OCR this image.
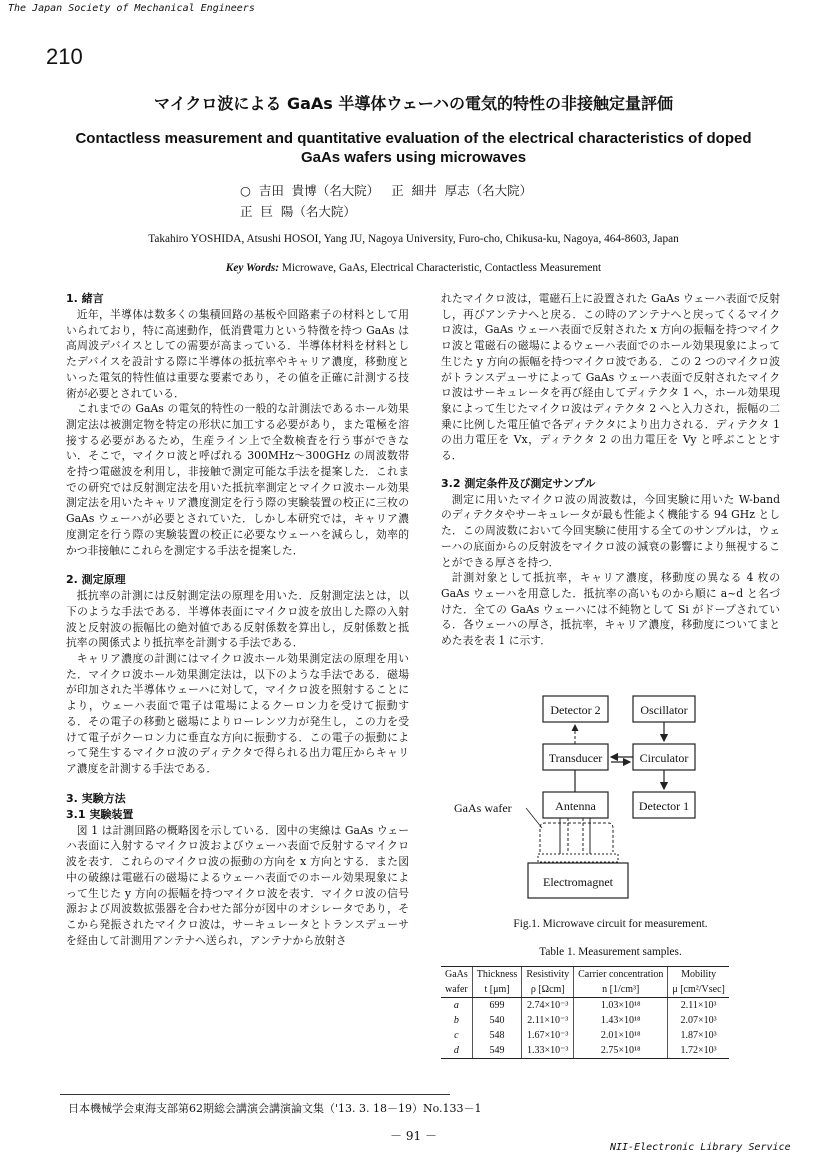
The Japan Society of Mechanical Engineers
210
マイクロ波による GaAs 半導体ウェーハの電気的特性の非接触定量評価
Contactless measurement and quantitative evaluation of the electrical characteristics of doped
GaAs wafers using microwaves
○  吉田  貴博（名大院）   正  細井  厚志（名大院）
正  巨  陽（名大院）
Takahiro YOSHIDA, Atsushi HOSOI, Yang JU, Nagoya University, Furo-cho, Chikusa-ku, Nagoya, 464-8603, Japan
Key Words: Microwave, GaAs, Electrical Characteristic, Contactless Measurement
1. 緒言

近年，半導体は数多くの集積回路の基板や回路素子の材料として用いられており，特に高速動作，低消費電力という特徴を持つ GaAs は高周波デバイスとしての需要が高まっている．半導体材料を材料としたデバイスを設計する際に半導体の抵抗率やキャリア濃度，移動度といった電気的特性値は重要な要素であり，その値を正確に計測する技術が必要とされている．

これまでの GaAs の電気的特性の一般的な計測法であるホール効果測定法は被測定物を特定の形状に加工する必要があり，また電極を溶接する必要があるため，生産ライン上で全数検査を行う事ができない．そこで，マイクロ波と呼ばれる 300MHz～300GHz の周波数帯を持つ電磁波を利用し，非接触で測定可能な手法を提案した．これまでの研究では反射測定法を用いた抵抗率測定とマイクロ波ホール効果測定法を用いたキャリア濃度測定を行う際の実験装置の校正に三枚の GaAs ウェーハが必要とされていた．しかし本研究では，キャリア濃度測定を行う際の実験装置の校正に必要なウェーハを減らし，効率的かつ非接触にこれらを測定する手法を提案した．

2. 測定原理

抵抗率の計測には反射測定法の原理を用いた．反射測定法とは，以下のような手法である．半導体表面にマイクロ波を放出した際の入射波と反射波の振幅比の絶対値である反射係数を算出し，反射係数と抵抗率の関係式より抵抗率を計測する手法である．

キャリア濃度の計測にはマイクロ波ホール効果測定法の原理を用いた．マイクロ波ホール効果測定法は，以下のような手法である．磁場が印加された半導体ウェーハに対して，マイクロ波を照射することにより，ウェーハ表面で電子は電場によるクーロン力を受けて振動する．その電子の移動と磁場によりローレンツ力が発生し，この力を受けて電子がクーロン力に垂直な方向に振動する．この電子の振動によって発生するマイクロ波のディテクタで得られる出力電圧からキャリア濃度を計測する手法である．

3. 実験方法
3.1 実験装置

図 1 は計測回路の概略図を示している．図中の実線は GaAs ウェーハ表面に入射するマイクロ波およびウェーハ表面で反射するマイクロ波を表す．これらのマイクロ波の振動の方向を x 方向とする．また図中の破線は電磁石の磁場によるウェーハ表面でのホール効果現象によって生じた y 方向の振幅を持つマイクロ波を表す．マイクロ波の信号源および周波数拡張器を合わせた部分が図中のオシレータであり，そこから発振されたマイクロ波は，サーキュレータとトランスデューサを経由して計測用アンテナへ送られ，アンテナから放射さ

れたマイクロ波は，電磁石上に設置された GaAs ウェーハ表面で反射し，再びアンテナへと戻る．この時のアンテナへと戻ってくるマイクロ波は，GaAs ウェーハ表面で反射された x 方向の振幅を持つマイクロ波と電磁石の磁場によるウェーハ表面でのホール効果現象によって生じた y 方向の振幅を持つマイクロ波である．この 2 つのマイクロ波がトランスデューサによって GaAs ウェーハ表面で反射されたマイクロ波はサーキュレータを再び経由してディテクタ 1 へ，ホール効果現象によって生じたマイクロ波はディテクタ 2 へと入力され，振幅の二乗に比例した電圧値で各ディテクタにより出力される．ディテクタ 1 の出力電圧を Vx，ディテクタ 2 の出力電圧を Vy と呼ぶこととする．

3.2 測定条件及び測定サンプル

測定に用いたマイクロ波の周波数は，今回実験に用いた W-band のディテクタやサーキュレータが最も性能よく機能する 94 GHz とした．この周波数において今回実験に使用する全てのサンプルは，ウェーハの底面からの反射波をマイクロ波の減衰の影響により無視することができる厚さを持つ．

計測対象として抵抗率，キャリア濃度，移動度の異なる 4 枚の GaAs ウェーハを用意した．抵抗率の高いものから順に a~d と名づけた．全ての GaAs ウェーハには不純物として Si がドープされている．各ウェーハの厚さ，抵抗率，キャリア濃度，移動度についてまとめた表を表 1 に示す．

Detector 2	Oscillator
Transducer	Circulator
Antenna	Detector 1
Electromagnet
GaAs wafer
Fig.1. Microwave circuit for measurement.
Table 1. Measurement samples.
GaAs	Thickness	Resistivity	Carrier concentration	Mobility
wafer	t [μm]	ρ [Ωcm]	n [1/cm³]	μ [cm²/Vsec]
a	699	2.74×10⁻³	1.03×10¹⁸	2.11×10³
b	540	2.11×10⁻³	1.43×10¹⁸	2.07×10³
c	548	1.67×10⁻³	2.01×10¹⁸	1.87×10³
d	549	1.33×10⁻³	2.75×10¹⁸	1.72×10³
日本機械学会東海支部第62期総会講演会講演論文集（'13. 3. 18－19）No.133－1
－ 91 －
NII-Electronic Library Service
